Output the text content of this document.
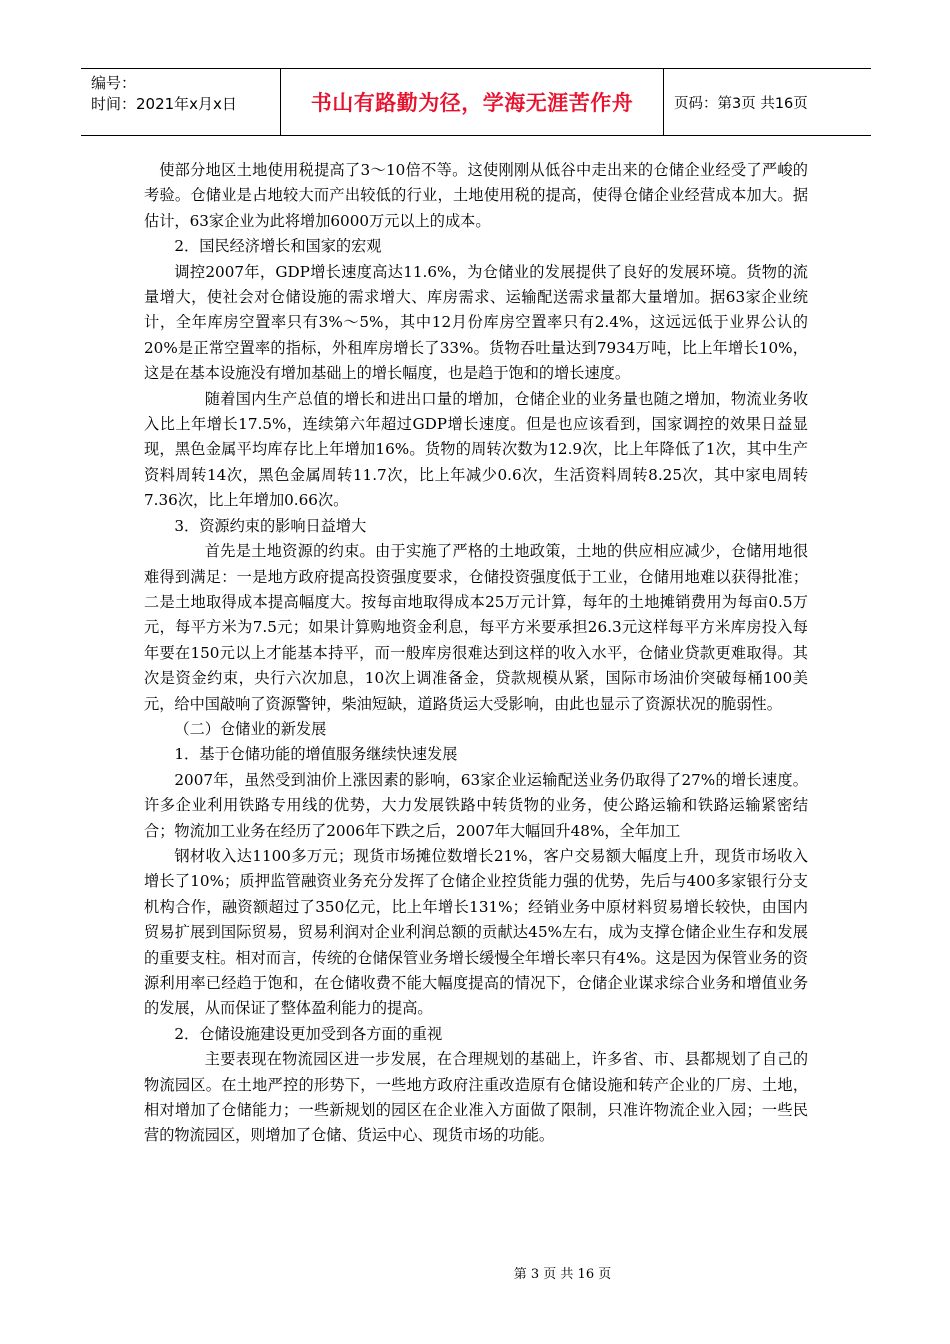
编号：
时间：2021年x月x日	书山有路勤为径，学海无涯苦作舟	页码：第3页 共16页

使部分地区土地使用税提高了3～10倍不等。这使刚刚从低谷中走出来的仓储企业经受了严峻的考验。仓储业是占地较大而产出较低的行业，土地使用税的提高，使得仓储企业经营成本加大。据估计，63家企业为此将增加6000万元以上的成本。

2．国民经济增长和国家的宏观

调控2007年，GDP增长速度高达11.6%，为仓储业的发展提供了良好的发展环境。货物的流量增大，使社会对仓储设施的需求增大、库房需求、运输配送需求量都大量增加。据63家企业统计，全年库房空置率只有3%～5%，其中12月份库房空置率只有2.4%，这远远低于业界公认的20%是正常空置率的指标，外租库房增长了33%。货物吞吐量达到7934万吨，比上年增长10%，这是在基本设施没有增加基础上的增长幅度，也是趋于饱和的增长速度。

随着国内生产总值的增长和进出口量的增加，仓储企业的业务量也随之增加，物流业务收入比上年增长17.5%，连续第六年超过GDP增长速度。但是也应该看到，国家调控的效果日益显现，黑色金属平均库存比上年增加16%。货物的周转次数为12.9次，比上年降低了1次，其中生产资料周转14次，黑色金属周转11.7次，比上年减少0.6次，生活资料周转8.25次，其中家电周转7.36次，比上年增加0.66次。

3．资源约束的影响日益增大

首先是土地资源的约束。由于实施了严格的土地政策，土地的供应相应减少，仓储用地很难得到满足：一是地方政府提高投资强度要求，仓储投资强度低于工业，仓储用地难以获得批准；二是土地取得成本提高幅度大。按每亩地取得成本25万元计算，每年的土地摊销费用为每亩0.5万元，每平方米为7.5元；如果计算购地资金利息，每平方米要承担26.3元这样每平方米库房投入每年要在150元以上才能基本持平，而一般库房很难达到这样的收入水平，仓储业贷款更难取得。其次是资金约束，央行六次加息，10次上调准备金，贷款规模从紧，国际市场油价突破每桶100美元，给中国敲响了资源警钟，柴油短缺，道路货运大受影响，由此也显示了资源状况的脆弱性。

（二）仓储业的新发展

1．基于仓储功能的增值服务继续快速发展

2007年，虽然受到油价上涨因素的影响，63家企业运输配送业务仍取得了27%的增长速度。许多企业利用铁路专用线的优势，大力发展铁路中转货物的业务，使公路运输和铁路运输紧密结合；物流加工业务在经历了2006年下跌之后，2007年大幅回升48%，全年加工

钢材收入达1100多万元；现货市场摊位数增长21%，客户交易额大幅度上升，现货市场收入增长了10%；质押监管融资业务充分发挥了仓储企业控货能力强的优势，先后与400多家银行分支机构合作，融资额超过了350亿元，比上年增长131%；经销业务中原材料贸易增长较快，由国内贸易扩展到国际贸易，贸易利润对企业利润总额的贡献达45%左右，成为支撑仓储企业生存和发展的重要支柱。相对而言，传统的仓储保管业务增长缓慢全年增长率只有4%。这是因为保管业务的资源利用率已经趋于饱和，在仓储收费不能大幅度提高的情况下，仓储企业谋求综合业务和增值业务的发展，从而保证了整体盈利能力的提高。

2．仓储设施建设更加受到各方面的重视

主要表现在物流园区进一步发展，在合理规划的基础上，许多省、市、县都规划了自己的物流园区。在土地严控的形势下，一些地方政府注重改造原有仓储设施和转产企业的厂房、土地，相对增加了仓储能力；一些新规划的园区在企业准入方面做了限制，只准许物流企业入园；一些民营的物流园区，则增加了仓储、货运中心、现货市场的功能。

第 3 页 共 16 页
